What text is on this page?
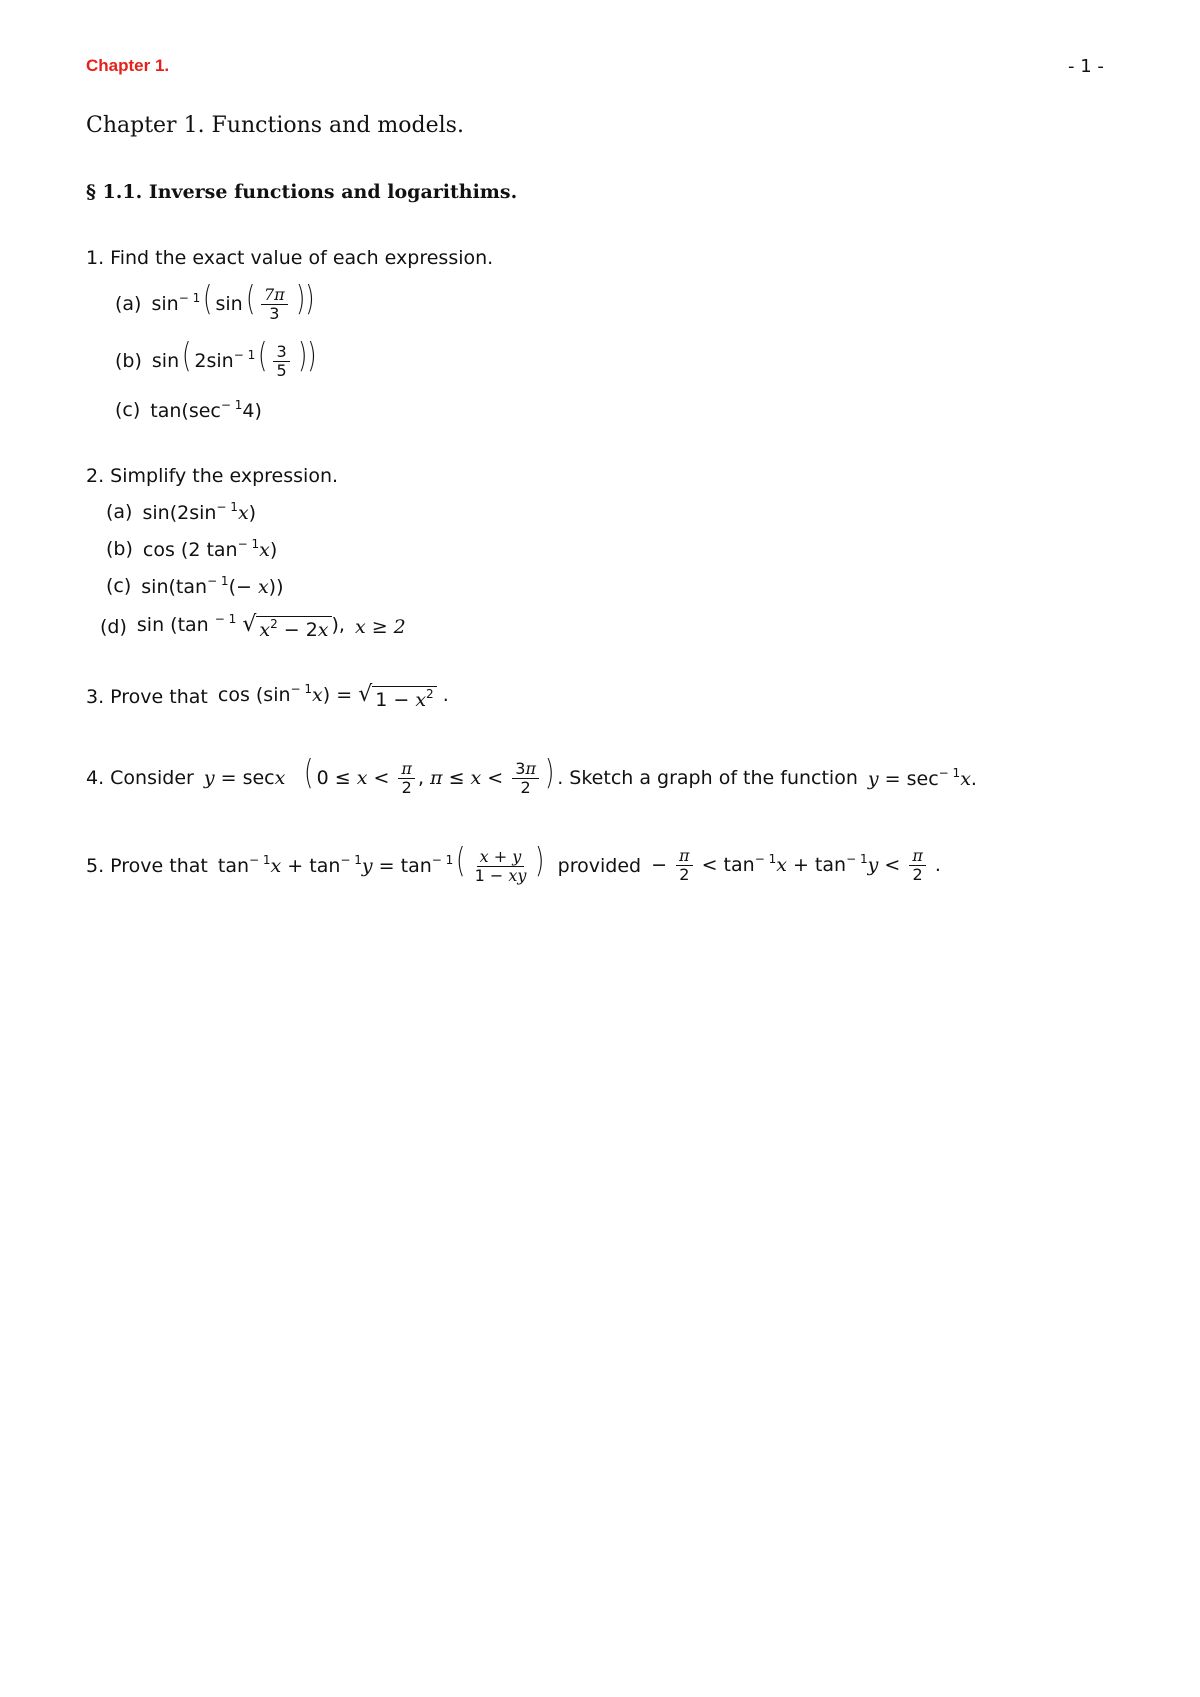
Chapter 1.	- 1 -
Chapter 1. Functions and models.
§ 1.1. Inverse functions and logarithims.
1. Find the exact value of each expression.
(a) $\sin^{- 1}$( $\sin( \frac{7\pi}{3}$ ))
(b) sin( $2\sin^{- 1}( \frac{3}{5}$ ))
(c) $\tan(\sec^{- 1}4)$
2. Simplify the expression.
(a) $\sin(2\sin^{- 1}x)$
(b) cos (2 $\tan^{- 1}x$)
(c) $\sin(\tan^{- 1}(- x))$
(d) sin (tan $^{- 1}$ √ $x^2 - 2x$ ), x ≥ 2
3. Prove that $\cos (\sin^{- 1}x)$ = √ $1 - x^2$ .
4. Consider y = secx ( $0 \le x < \frac{\pi}{2}$ , $\pi \le x < \frac{3\pi}{2}$ ) . Sketch a graph of the function $y = \sec^{- 1}x$.
5. Prove that $\tan^{- 1}x + \tan^{- 1}y = \tan^{- 1}( \frac{x + y}{1 - xy}$ ) provided − $\frac{\pi}{2} < \tan^{- 1}x + \tan^{- 1}y < \frac{\pi}{2}$ .
